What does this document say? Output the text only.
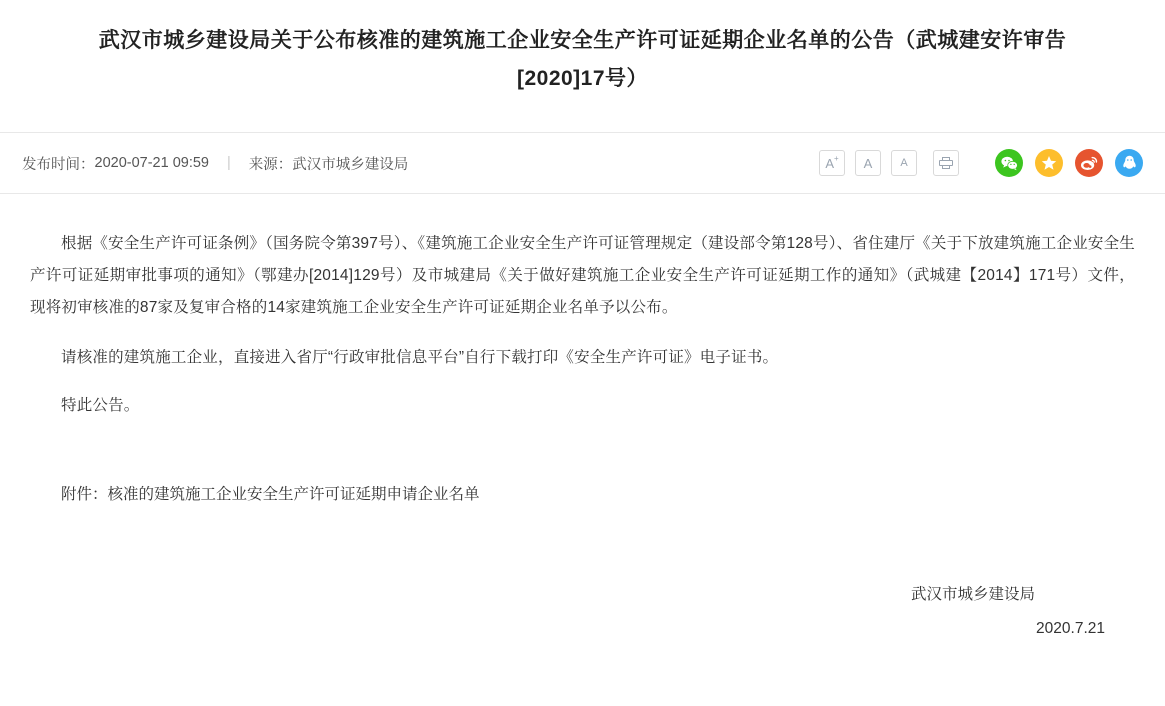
武汉市城乡建设局关于公布核准的建筑施工企业安全生产许可证延期企业名单的公告（武城建安许审告[2020]17号）
发布时间： 2020-07-21 09:59 | 来源： 武汉市城乡建设局	A+ A	A

根据《安全生产许可证条例》（国务院令第397号）、《建筑施工企业安全生产许可证管理规定（建设部令第128号）、省住建厅《关于下放建筑施工企业安全生产许可证延期审批事项的通知》（鄂建办[2014]129号）及市城建局《关于做好建筑施工企业安全生产许可证延期工作的通知》（武城建【2014】171号）文件，现将初审核准的87家及复审合格的14家建筑施工企业安全生产许可证延期企业名单予以公布。

请核准的建筑施工企业，直接进入省厅“行政审批信息平台”自行下载打印《安全生产许可证》电子证书。

特此公告。

附件：核准的建筑施工企业安全生产许可证延期申请企业名单
武汉市城乡建设局
2020.7.21
